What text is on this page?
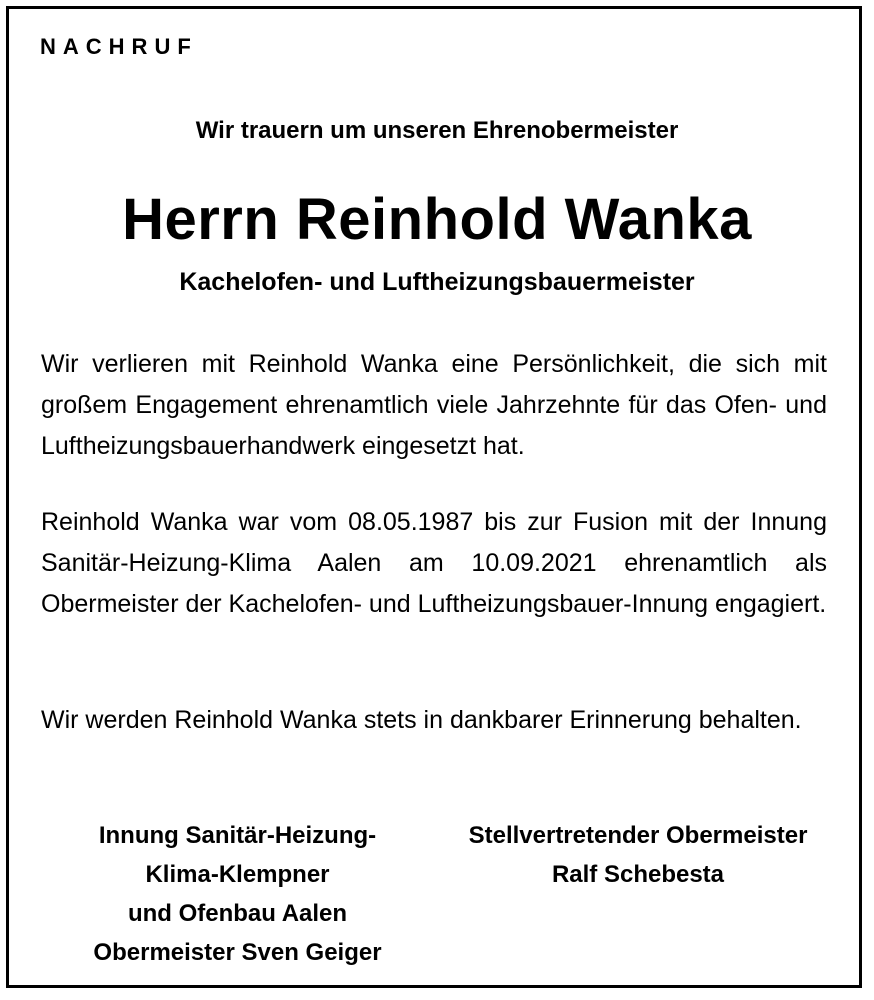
NACHRUF

Wir trauern um unseren Ehrenobermeister

Herrn Reinhold Wanka

Kachelofen- und Luftheizungsbauermeister

Wir verlieren mit Reinhold Wanka eine Persönlichkeit, die sich mit großem Engagement ehrenamtlich viele Jahrzehnte für das Ofen- und Luftheizungsbauerhandwerk eingesetzt hat.

Reinhold Wanka war vom 08.05.1987 bis zur Fusion mit der Innung Sanitär-Heizung-Klima Aalen am 10.09.2021 ehrenamtlich als Obermeister der Kachelofen- und Luftheizungsbauer-Innung engagiert.

Wir werden Reinhold Wanka stets in dankbarer Erinnerung behalten.

Innung Sanitär-Heizung-
Klima-Klempner
und Ofenbau Aalen
Obermeister Sven Geiger
Stellvertretender Obermeister
Ralf Schebesta
